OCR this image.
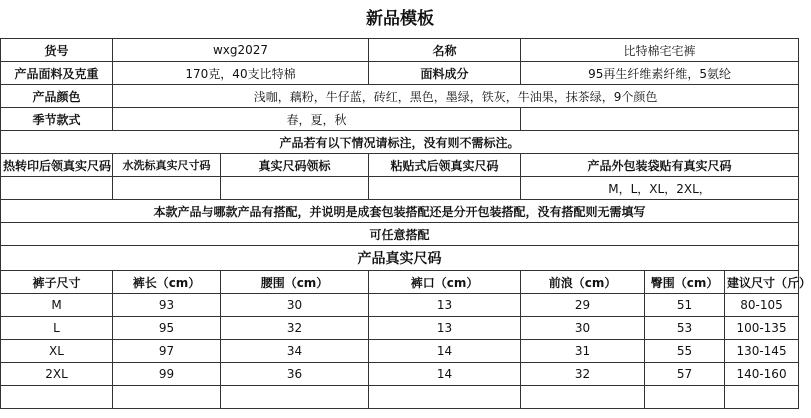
新品模板
货号	wxg2027		名称	比特棉宅宅裤		
产品面料及克重	170克，40支比特棉		面料成分	95再生纤维素纤维，5氨纶		
产品颜色	浅咖，藕粉，牛仔蓝，砖红，黑色，墨绿，铁灰，牛油果，抹茶绿，9个颜色					
季节款式	春，夏，秋					
产品若有以下情况请标注，没有则不需标注。						
热转印后领真实尺码	水洗标真实尺寸码	真实尺码领标	粘贴式后领真实尺码	产品外包装袋贴有真实尺码		
				M，L，XL，2XL，		
本款产品与哪款产品有搭配，并说明是成套包装搭配还是分开包装搭配，没有搭配则无需填写						
可任意搭配						
产品真实尺码						
裤子尺寸	裤长（cm）	腰围（cm）	裤口（cm）	前浪（cm）	臀围（cm）	建议尺寸（斤）
M	93	30	13	29	51	80-105
L	95	32	13	30	53	100-135
XL	97	34	14	31	55	130-145
2XL	99	36	14	32	57	140-160
